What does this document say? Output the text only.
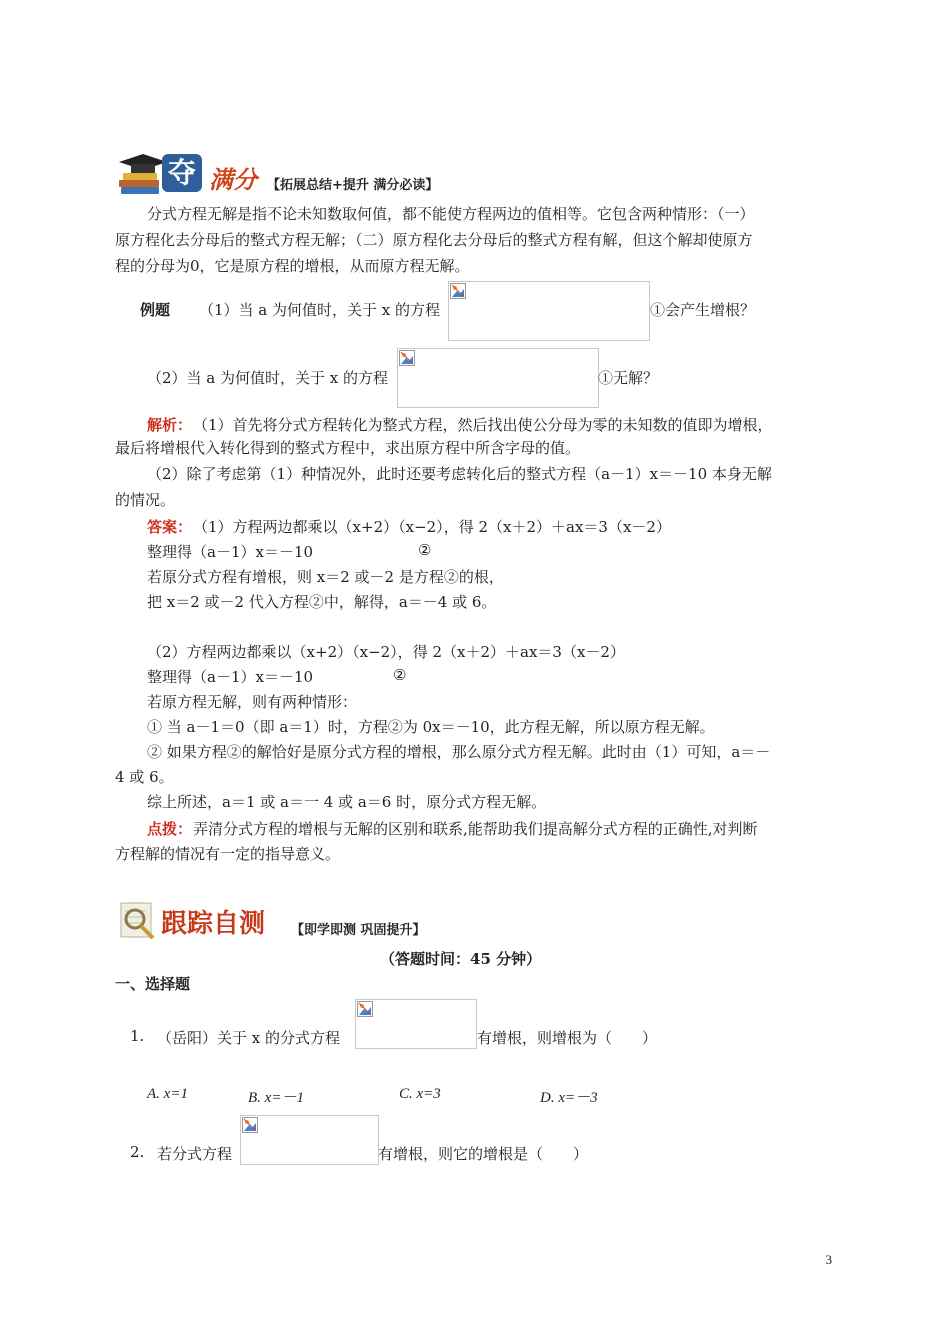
夺 满分 【拓展总结+提升 满分必读】
分式方程无解是指不论未知数取何值，都不能使方程两边的值相等。它包含两种情形：（一）
原方程化去分母后的整式方程无解；（二）原方程化去分母后的整式方程有解，但这个解却使原方
程的分母为0，它是原方程的增根，从而原方程无解。
例题 （1）当 a 为何值时，关于 x 的方程	①会产生增根？
（2）当 a 为何值时，关于 x 的方程	①无解？
解析： （1）首先将分式方程转化为整式方程，然后找出使公分母为零的未知数的值即为增根，
最后将增根代入转化得到的整式方程中，求出原方程中所含字母的值。
（2）除了考虑第（1）种情况外，此时还要考虑转化后的整式方程（a－1）x＝－10 本身无解
的情况。
答案： （1）方程两边都乘以（x+2）（x−2），得 2（x＋2）＋ax＝3（x－2）
整理得（a－1）x＝－10	②
若原分式方程有增根，则 x＝2 或－2 是方程②的根，
把 x＝2 或－2 代入方程②中，解得，a＝－4 或 6。
（2）方程两边都乘以（x+2）（x−2），得 2（x＋2）＋ax＝3（x－2）
整理得（a－1）x＝－10	②
若原方程无解，则有两种情形：
① 当 a－1＝0（即 a＝1）时，方程②为 0x＝－10，此方程无解，所以原方程无解。
② 如果方程②的解恰好是原分式方程的增根，那么原分式方程无解。此时由（1）可知，a＝－
4 或 6。
综上所述，a＝1 或 a＝一 4 或 a＝6 时，原分式方程无解。
点拨： 弄清分式方程的增根与无解的区别和联系,能帮助我们提高解分式方程的正确性,对判断
方程解的情况有一定的指导意义。
跟踪自测 【即学即测 巩固提升】
（答题时间：45 分钟）
一、选择题
1. （岳阳）关于 x 的分式方程	有增根，则增根为（　　）
A. x=1	B. x=－1	C. x=3	D. x=－3
2. 若分式方程	有增根，则它的增根是（　　）
3
